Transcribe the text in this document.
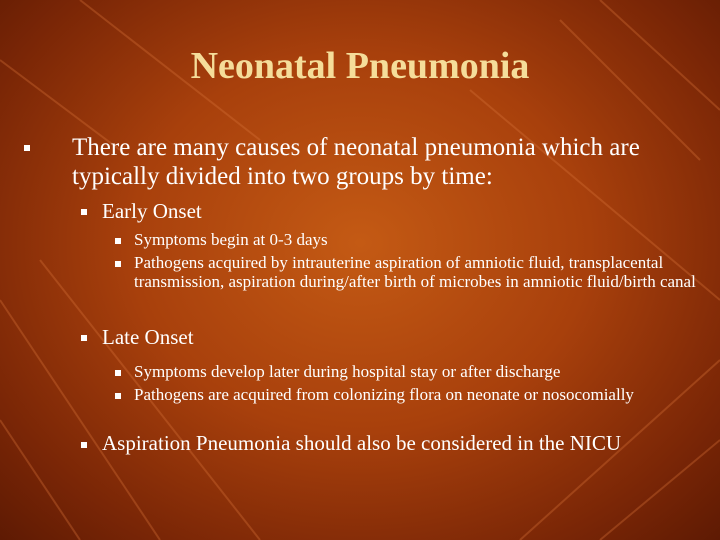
Neonatal Pneumonia
There are many causes of neonatal pneumonia which are typically divided into two groups by time:
Early Onset
Symptoms begin at 0-3 days
Pathogens acquired by intrauterine aspiration of amniotic fluid, transplacental transmission, aspiration during/after birth of microbes in amniotic fluid/birth canal
Late Onset
Symptoms develop later during hospital stay or after discharge
Pathogens are acquired from colonizing flora on neonate or nosocomially
Aspiration Pneumonia should also be considered in the NICU
